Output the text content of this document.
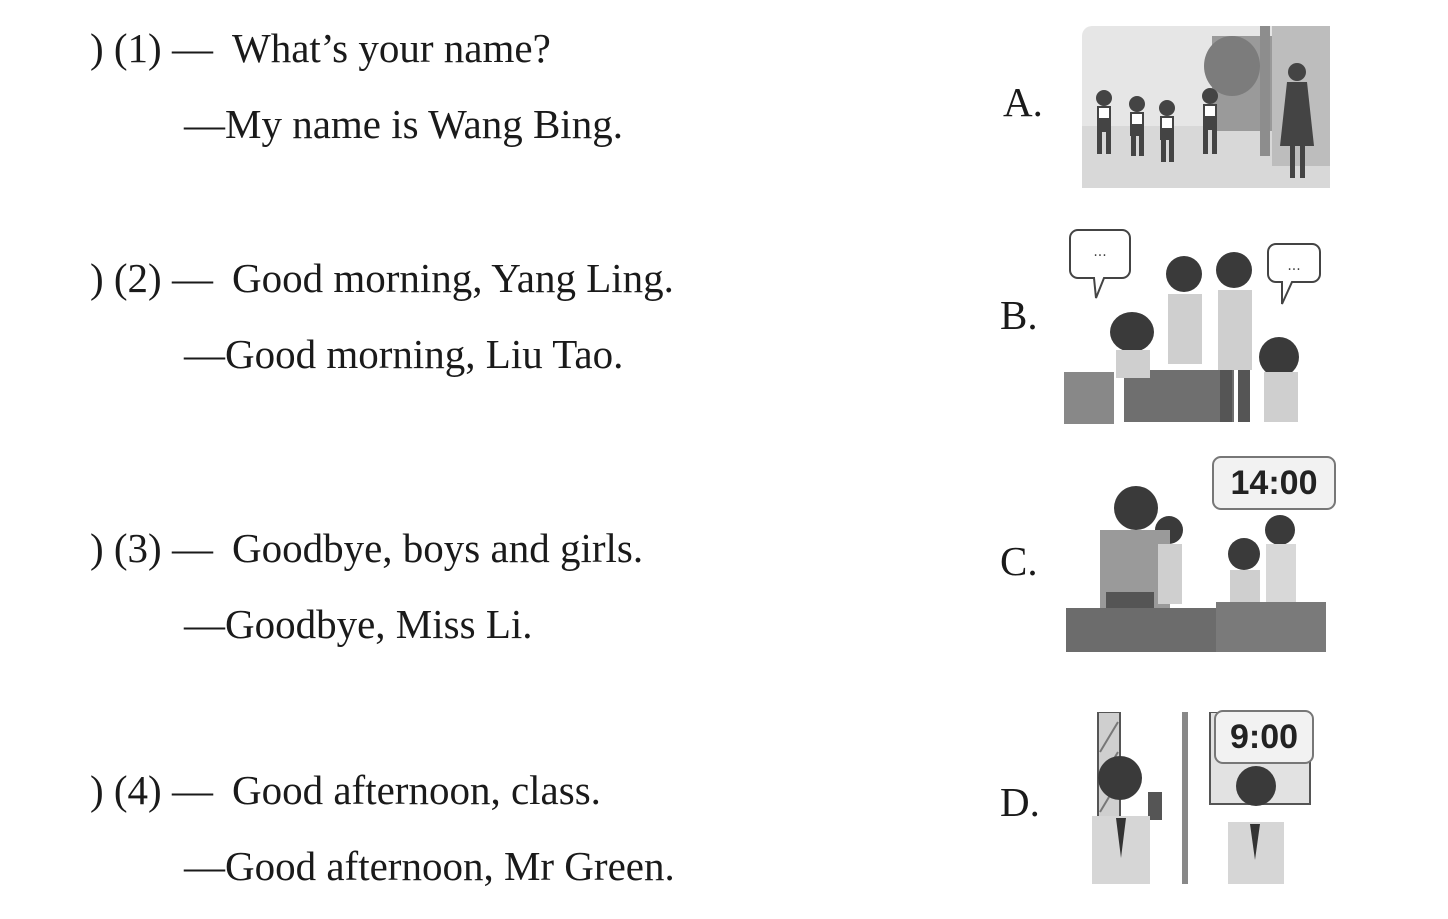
) (1) — What’s your name?
—My name is Wang Bing.
) (2) — Good morning, Yang Ling.
—Good morning, Liu Tao.
) (3) — Goodbye, boys and girls.
—Goodbye, Miss Li.
) (4) — Good afternoon, class.
—Good afternoon, Mr Green.
A.
B.
C.
D.
...
...
14:00
9:00
